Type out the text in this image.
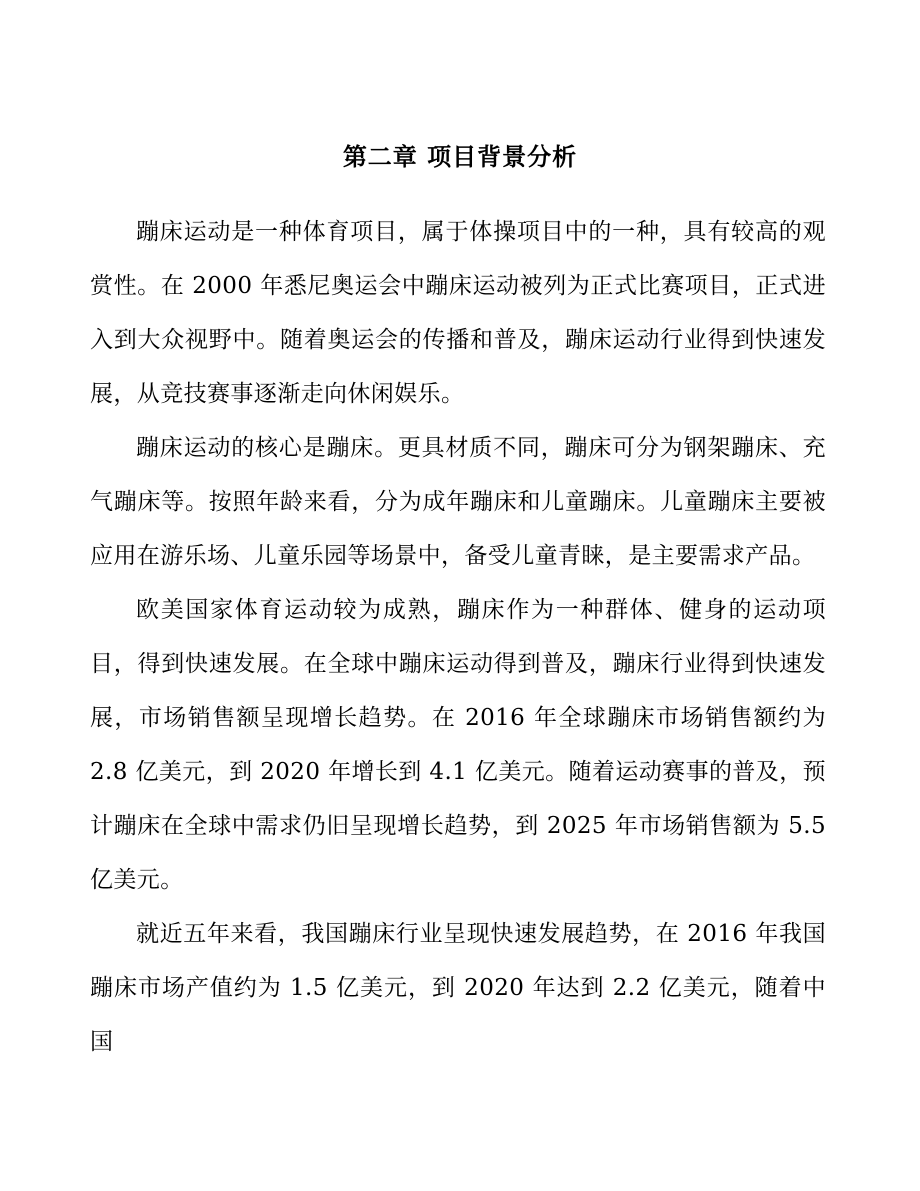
第二章 项目背景分析

蹦床运动是一种体育项目，属于体操项目中的一种，具有较高的观赏性。在 2000 年悉尼奥运会中蹦床运动被列为正式比赛项目，正式进入到大众视野中。随着奥运会的传播和普及，蹦床运动行业得到快速发展，从竞技赛事逐渐走向休闲娱乐。

蹦床运动的核心是蹦床。更具材质不同，蹦床可分为钢架蹦床、充气蹦床等。按照年龄来看，分为成年蹦床和儿童蹦床。儿童蹦床主要被应用在游乐场、儿童乐园等场景中，备受儿童青睐，是主要需求产品。

欧美国家体育运动较为成熟，蹦床作为一种群体、健身的运动项目，得到快速发展。在全球中蹦床运动得到普及，蹦床行业得到快速发展，市场销售额呈现增长趋势。在 2016 年全球蹦床市场销售额约为 2.8 亿美元，到 2020 年增长到 4.1 亿美元。随着运动赛事的普及，预计蹦床在全球中需求仍旧呈现增长趋势，到 2025 年市场销售额为 5.5 亿美元。

就近五年来看，我国蹦床行业呈现快速发展趋势，在 2016 年我国蹦床市场产值约为 1.5 亿美元，到 2020 年达到 2.2 亿美元，随着中国
